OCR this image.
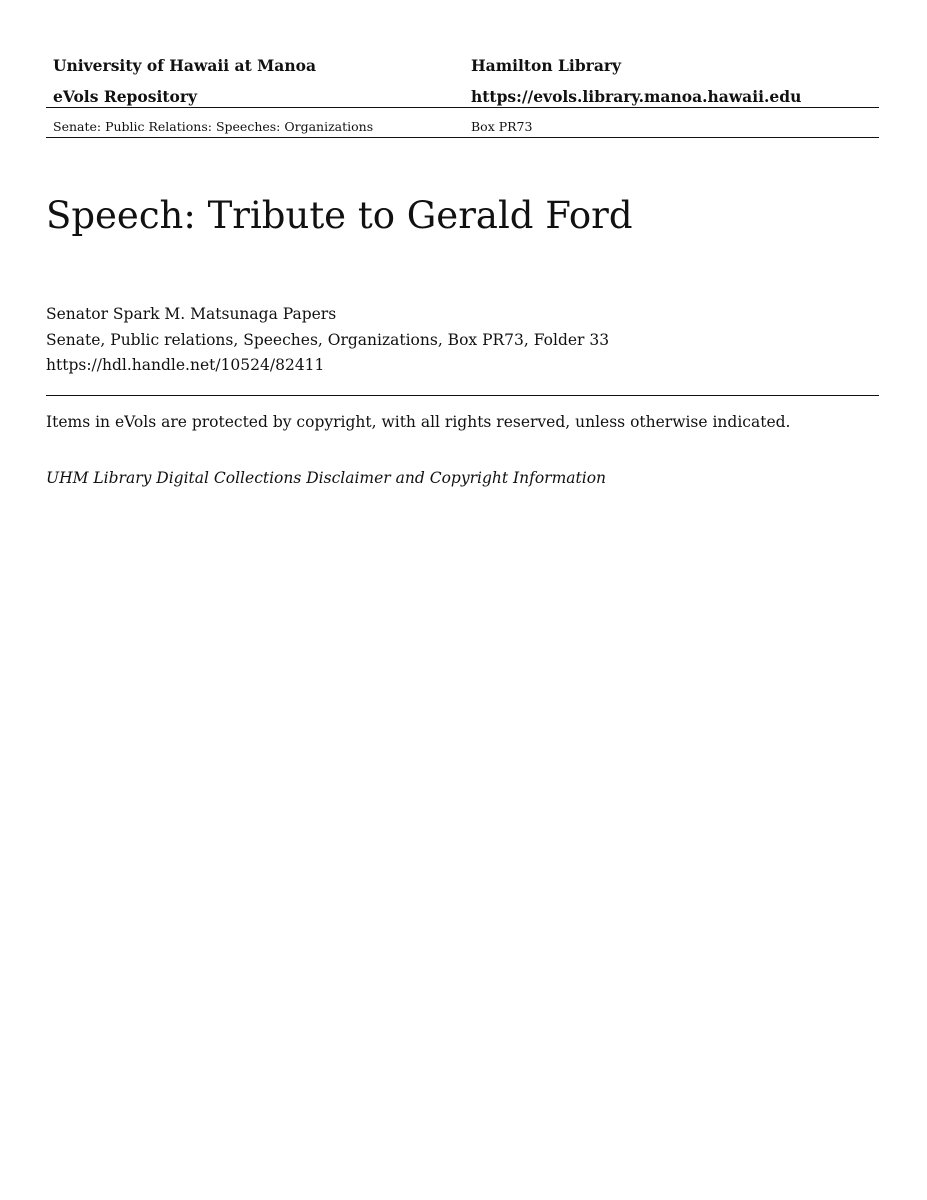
University of Hawaii at Manoa	Hamilton Library
eVols Repository	https://evols.library.manoa.hawaii.edu
Senate: Public Relations: Speeches: Organizations	Box PR73
Speech: Tribute to Gerald Ford
Senator Spark M. Matsunaga Papers
Senate, Public relations, Speeches, Organizations, Box PR73, Folder 33
https://hdl.handle.net/10524/82411
Items in eVols are protected by copyright, with all rights reserved, unless otherwise indicated.
UHM Library Digital Collections Disclaimer and Copyright Information
